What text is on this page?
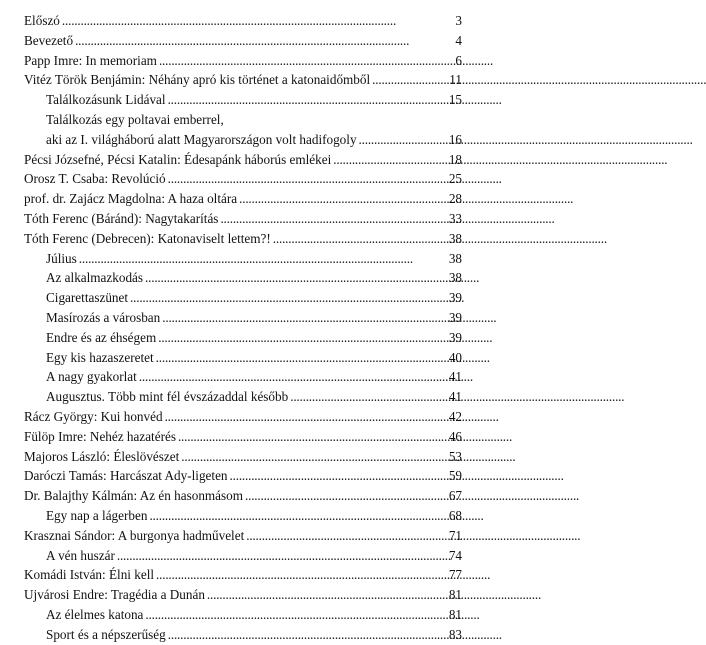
Előszó . . .	3
Bevezető . . .	4
Papp Imre: In memoriam . . .	6
Vitéz Török Benjámin: Néhány apró kis történet a katonaidőmből . . .	11
Találkozásunk Lidával . . .	15
Találkozás egy poltavai emberrel,
aki az I. világháború alatt Magyarországon volt hadifogoly . . .	16
Pécsi Józsefné, Pécsi Katalin: Édesapánk háborús emlékei . . .	18
Orosz T. Csaba: Revolúció . . .	25
prof. dr. Zajácz Magdolna: A haza oltára . . .	28
Tóth Ferenc (Báránd): Nagytakarítás . . .	33
Tóth Ferenc (Debrecen): Katonaviselt lettem?! . . .	38
Július . . .	38
Az alkalmazkodás . . .	38
Cigarettaszünet . . .	39
Masírozás a városban . . .	39
Endre és az éhségem . . .	39
Egy kis hazaszeretet . . .	40
A nagy gyakorlat . . .	41
Augusztus. Több mint fél évszázaddal később . . .	41
Rácz György: Kui honvéd . . .	42
Fülöp Imre: Nehéz hazatérés . . .	46
Majoros László: Éleslövészet . . .	53
Daróczi Tamás: Harcászat Ady-ligeten . . .	59
Dr. Balajthy Kálmán: Az én hasonmásom . . .	67
Egy nap a lágerben . . .	68
Krasznai Sándor: A burgonya hadművelet . . .	71
A vén huszár . . .	74
Komádi István: Élni kell . . .	77
Ujvárosi Endre: Tragédia a Dunán . . .	81
Az élelmes katona . . .	81
Sport és a népszerűség . . .	83
